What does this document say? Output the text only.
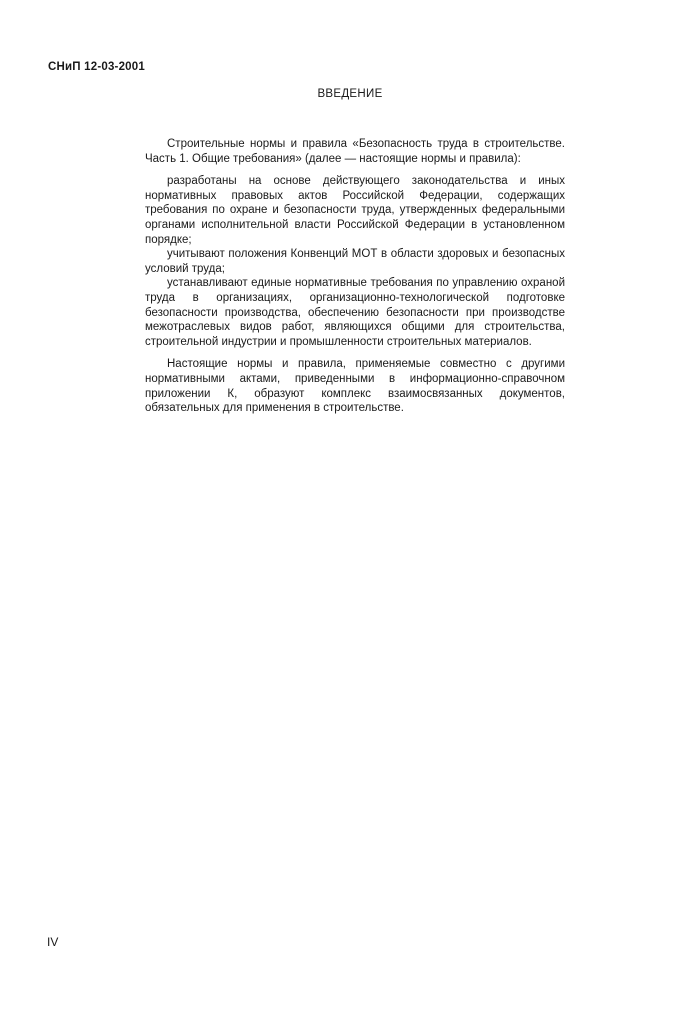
СНиП 12-03-2001
ВВЕДЕНИЕ

Строительные нормы и правила «Безопасность труда в строительстве. Часть 1. Общие требования» (далее — настоящие нормы и правила):

разработаны на основе действующего законодательства и иных нормативных правовых актов Российской Федерации, содержащих требования по охране и безопасности труда, утвержденных федеральными органами исполнительной власти Российской Федерации в установленном порядке;

учитывают положения Конвенций МОТ в области здоровых и безопасных условий труда;

устанавливают единые нормативные требования по управлению охраной труда в организациях, организационно-технологической подготовке безопасности производства, обеспечению безопасности при производстве межотраслевых видов работ, являющихся общими для строительства, строительной индустрии и промышленности строительных материалов.

Настоящие нормы и правила, применяемые совместно с другими нормативными актами, приведенными в информационно-справочном приложении К, образуют комплекс взаимосвязанных документов, обязательных для применения в строительстве.

IV
